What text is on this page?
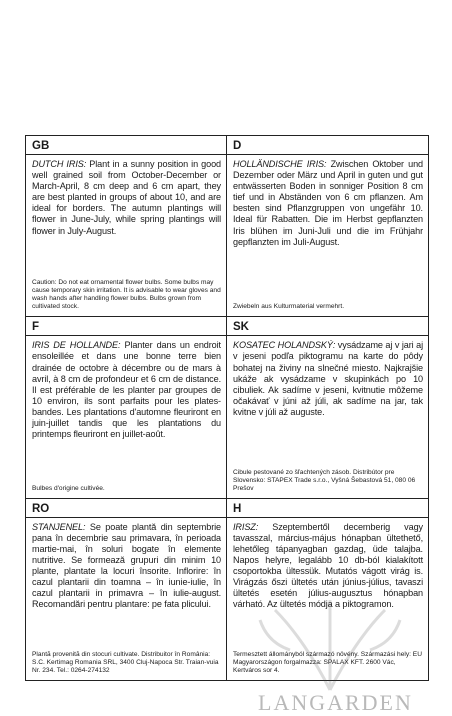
GB
DUTCH IRIS: Plant in a sunny position in good well grained soil from October-December or March-April, 8 cm deep and 6 cm apart, they are best planted in groups of about 10, and are ideal for borders. The autumn plantings will flower in June-July, while spring plantings will flower in July-August.
Caution: Do not eat ornamental flower bulbs. Some bulbs may cause temporary skin irritation. It is advisable to wear gloves and wash hands after handling flower bulbs. Bulbs grown from cultivated stock.
D
HOLLÄNDISCHE IRIS: Zwischen Oktober und Dezember oder März und April in guten und gut entwässerten Boden in sonniger Position 8 cm tief und in Abständen von 6 cm pflanzen. Am besten sind Pflanzgruppen von ungefähr 10. Ideal für Rabatten. Die im Herbst gepflanzten Iris blühen im Juni-Juli und die im Frühjahr gepflanzten im Juli-August.
Zwiebeln aus Kulturmaterial vermehrt.
F
IRIS DE HOLLANDE: Planter dans un endroit ensoleillée et dans une bonne terre bien drainée de octobre à décembre ou de mars à avril, à 8 cm de profondeur et 6 cm de distance. Il est préférable de les planter par groupes de 10 environ, ils sont parfaits pour les plates-bandes. Les plantations d'automne fleuriront en juin-juillet tandis que les plantations du printemps fleuriront en juillet-août.
Bulbes d'origine cultivée.
SK
KOSATEC HOLANDSKÝ: vysádzame aj v jari aj v jeseni podľa piktogramu na karte do pôdy bohatej na živiny na slnečné miesto. Najkrajšie ukáže ak vysádzame v skupinkách po 10 cibuliek. Ak sadíme v jeseni, kvitnutie môžeme očakávať v júni až júli, ak sadíme na jar, tak kvitne v júli až auguste.
Cibule pestované zo šľachtených zásob. Distribútor pre Slovensko: STAPEX Trade s.r.o., Vyšná Šebastová 51, 080 06 Prešov
RO
STANJENEL: Se poate plantă din septembrie pana în decembrie sau primavara, în perioada martie-mai, în soluri bogate în elemente nutritive. Se formează grupuri din minim 10 plante, plantate la locuri însorite. Inflorire: în cazul plantarii din toamna – în iunie-iulie, în cazul plantarii in primavra – în iulie-august. Recomandări pentru plantare: pe fata plicului.
Plantă provenită din stocuri cultivate. Distribuitor în România: S.C. Kertimag Romania SRL, 3400 Cluj-Napoca Str. Traian-vuia Nr. 234. Tel.: 0264-274132
H
IRISZ: Szeptembertől decemberig vagy tavasszal, március-május hónapban ültethető, lehetőleg tápanyagban gazdag, üde talajba. Napos helyre, legalább 10 db-ból kialakított csoportokba ültessük. Mutatós vágott virág is. Virágzás őszi ültetés után június-július, tavaszi ültetés esetén július-augusztus hónapban várható. Az ültetés módja a piktogramon.
Termesztett állományból származó növény. Származási hely: EU Magyarországon forgalmazza: SPALAX KFT. 2600 Vác, Kertváros sor 4.
LANGARDEN
